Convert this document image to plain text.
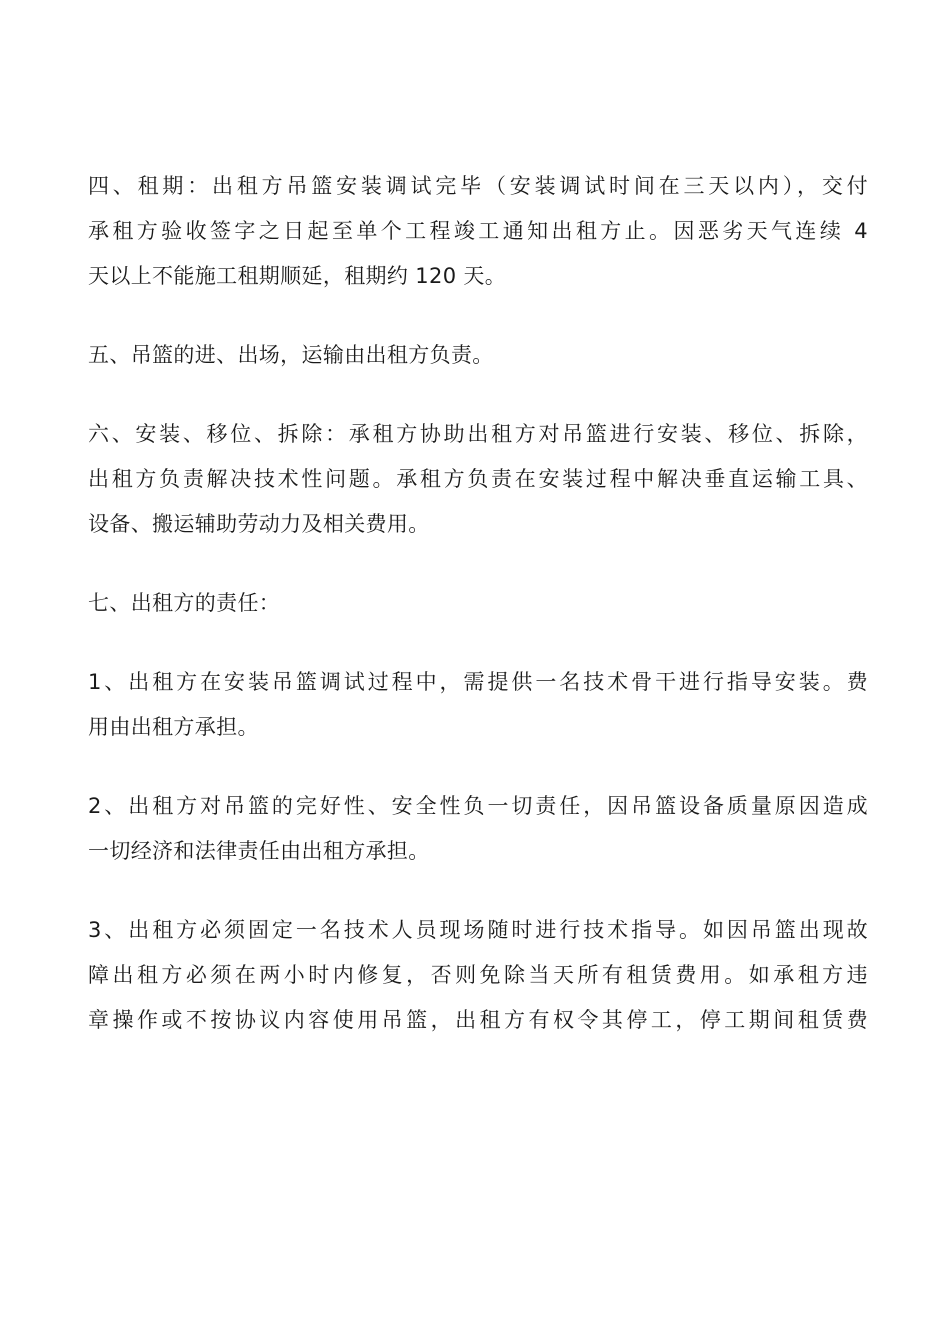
四、租期：出租方吊篮安装调试完毕（安装调试时间在三天以内），交付
承租方验收签字之日起至单个工程竣工通知出租方止。因恶劣天气连续 4
天以上不能施工租期顺延，租期约 120 天。
五、吊篮的进、出场，运输由出租方负责。
六、安装、移位、拆除：承租方协助出租方对吊篮进行安装、移位、拆除，
出租方负责解决技术性问题。承租方负责在安装过程中解决垂直运输工具、
设备、搬运辅助劳动力及相关费用。
七、出租方的责任：
1、出租方在安装吊篮调试过程中，需提供一名技术骨干进行指导安装。费
用由出租方承担。
2、出租方对吊篮的完好性、安全性负一切责任，因吊篮设备质量原因造成
一切经济和法律责任由出租方承担。
3、出租方必须固定一名技术人员现场随时进行技术指导。如因吊篮出现故
障出租方必须在两小时内修复，否则免除当天所有租赁费用。如承租方违
章操作或不按协议内容使用吊篮，出租方有权令其停工，停工期间租赁费
